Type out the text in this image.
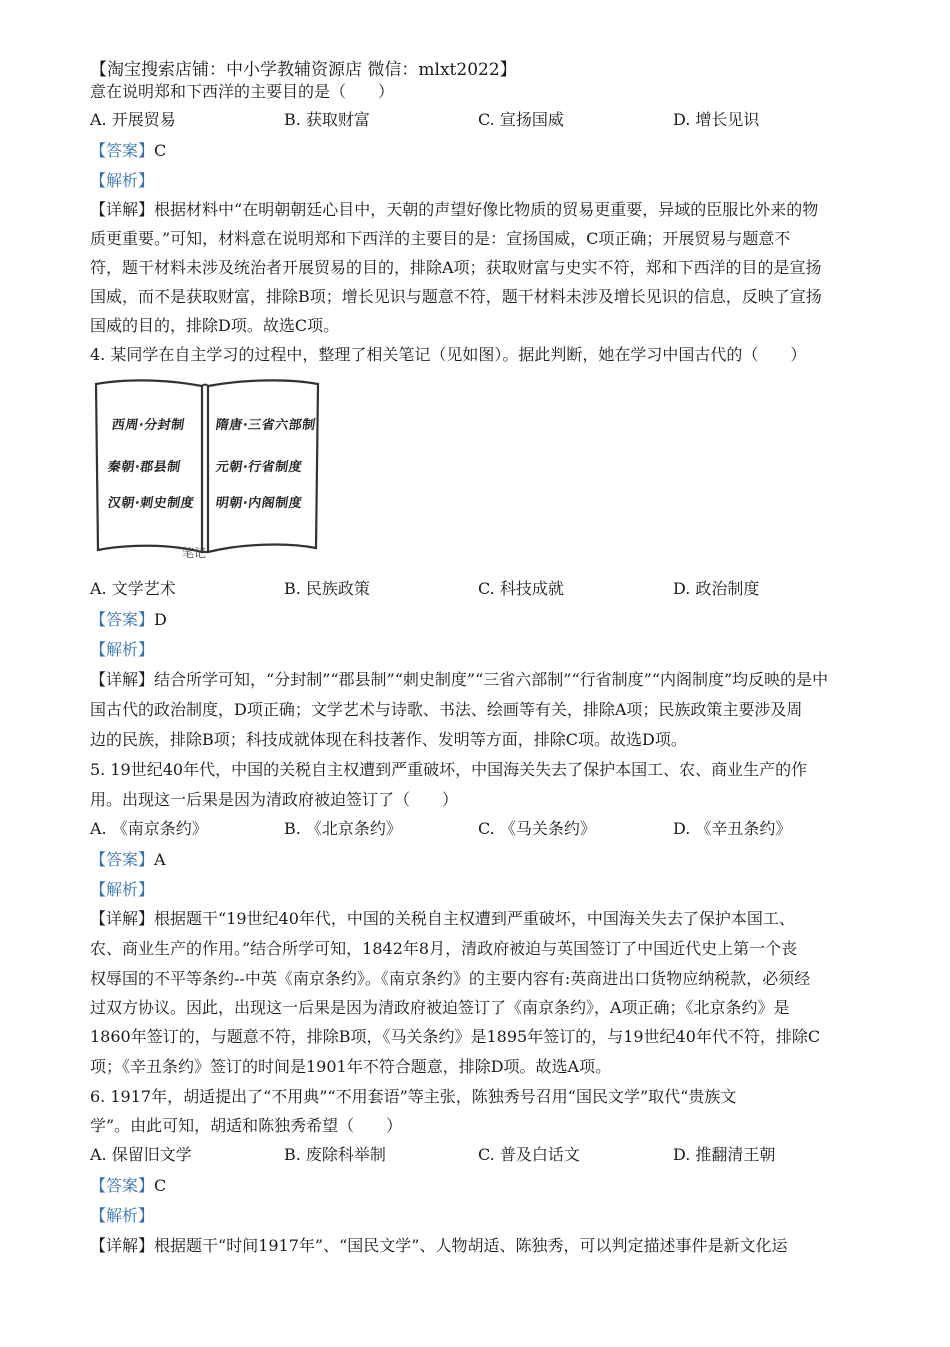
【淘宝搜索店铺：中小学教辅资源店 微信：mlxt2022】
意在说明郑和下西洋的主要目的是（　　）
A. 开展贸易	B. 获取财富	C. 宣扬国威	D. 增长见识
【答案】C
【解析】
【详解】根据材料中“在明朝朝廷心目中，天朝的声望好像比物质的贸易更重要，异域的臣服比外来的物
质更重要。”可知，材料意在说明郑和下西洋的主要目的是：宣扬国威，C项正确；开展贸易与题意不
符，题干材料未涉及统治者开展贸易的目的，排除A项；获取财富与史实不符，郑和下西洋的目的是宣扬
国威，而不是获取财富，排除B项；增长见识与题意不符，题干材料未涉及增长见识的信息，反映了宣扬
国威的目的，排除D项。故选C项。
4. 某同学在自主学习的过程中，整理了相关笔记（见如图）。据此判断，她在学习中国古代的（　　）
西周·分封制
秦朝·郡县制
汉朝·刺史制度
隋唐·三省六部制
元朝·行省制度
明朝·内阁制度
笔记
A. 文学艺术	B. 民族政策	C. 科技成就	D. 政治制度
【答案】D
【解析】
【详解】结合所学可知，“分封制”“郡县制”“刺史制度”“三省六部制”“行省制度”“内阁制度”均反映的是中
国古代的政治制度，D项正确；文学艺术与诗歌、书法、绘画等有关，排除A项；民族政策主要涉及周
边的民族，排除B项；科技成就体现在科技著作、发明等方面，排除C项。故选D项。
5. 19世纪40年代，中国的关税自主权遭到严重破坏，中国海关失去了保护本国工、农、商业生产的作
用。出现这一后果是因为清政府被迫签订了（　　）
A. 《南京条约》	B. 《北京条约》	C. 《马关条约》	D. 《辛丑条约》
【答案】A
【解析】
【详解】根据题干“19世纪40年代，中国的关税自主权遭到严重破坏，中国海关失去了保护本国工、
农、商业生产的作用。”结合所学可知，1842年8月，清政府被迫与英国签订了中国近代史上第一个丧
权辱国的不平等条约--中英《南京条约》。《南京条约》的主要内容有:英商进出口货物应纳税款，必须经
过双方协议。因此，出现这一后果是因为清政府被迫签订了《南京条约》，A项正确；《北京条约》是
1860年签订的，与题意不符，排除B项，《马关条约》是1895年签订的，与19世纪40年代不符，排除C
项；《辛丑条约》签订的时间是1901年不符合题意，排除D项。故选A项。
6. 1917年，胡适提出了“不用典”“不用套语”等主张，陈独秀号召用“国民文学”取代“贵族文
学”。由此可知，胡适和陈独秀希望（　　）
A. 保留旧文学	B. 废除科举制	C. 普及白话文	D. 推翻清王朝
【答案】C
【解析】
【详解】根据题干“时间1917年”、“国民文学”、人物胡适、陈独秀，可以判定描述事件是新文化运
